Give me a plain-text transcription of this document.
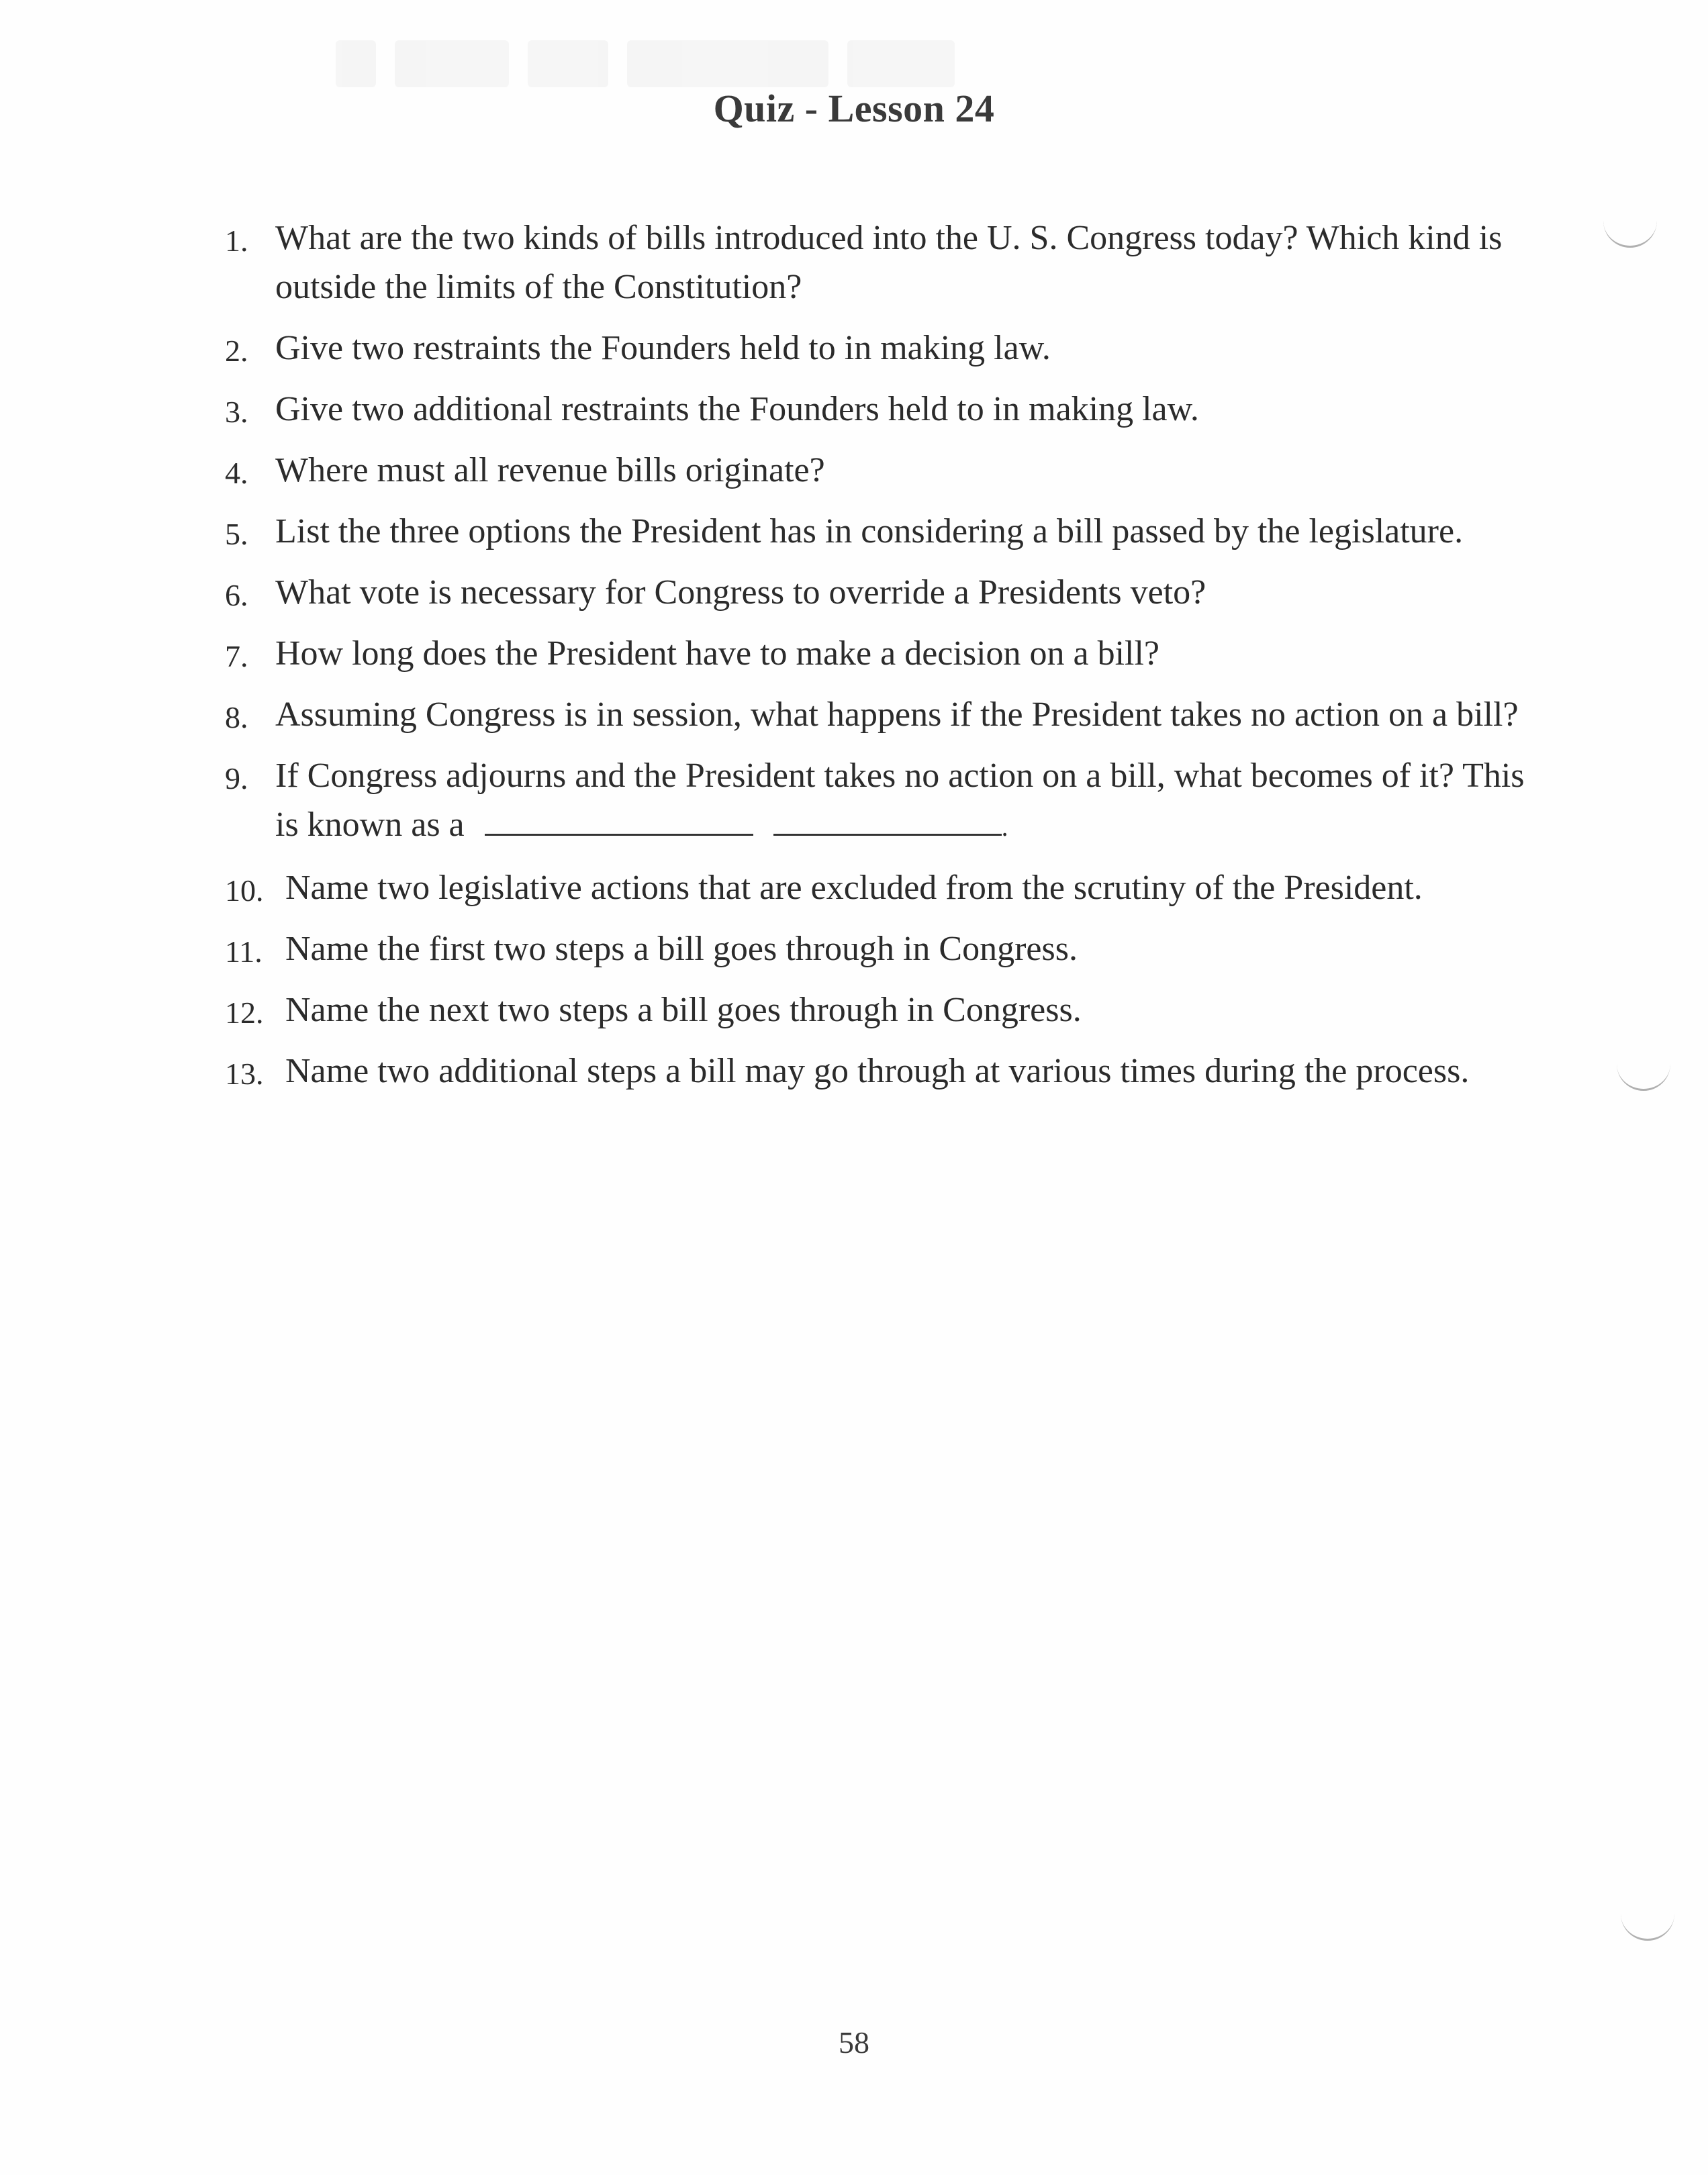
Quiz - Lesson 24
1. What are the two kinds of bills introduced into the U. S. Congress today? Which kind is outside the limits of the Constitution?
2. Give two restraints the Founders held to in making law.
3. Give two additional restraints the Founders held to in making law.
4. Where must all revenue bills originate?
5. List the three options the President has in considering a bill passed by the legislature.
6. What vote is necessary for Congress to override a Presidents veto?
7. How long does the President have to make a decision on a bill?
8. Assuming Congress is in session, what happens if the President takes no action on a bill?
9. If Congress adjourns and the President takes no action on a bill, what becomes of it? This is known as a	.
10. Name two legislative actions that are excluded from the scrutiny of the President.
11. Name the first two steps a bill goes through in Congress.
12. Name the next two steps a bill goes through in Congress.
13. Name two additional steps a bill may go through at various times during the process.
58
